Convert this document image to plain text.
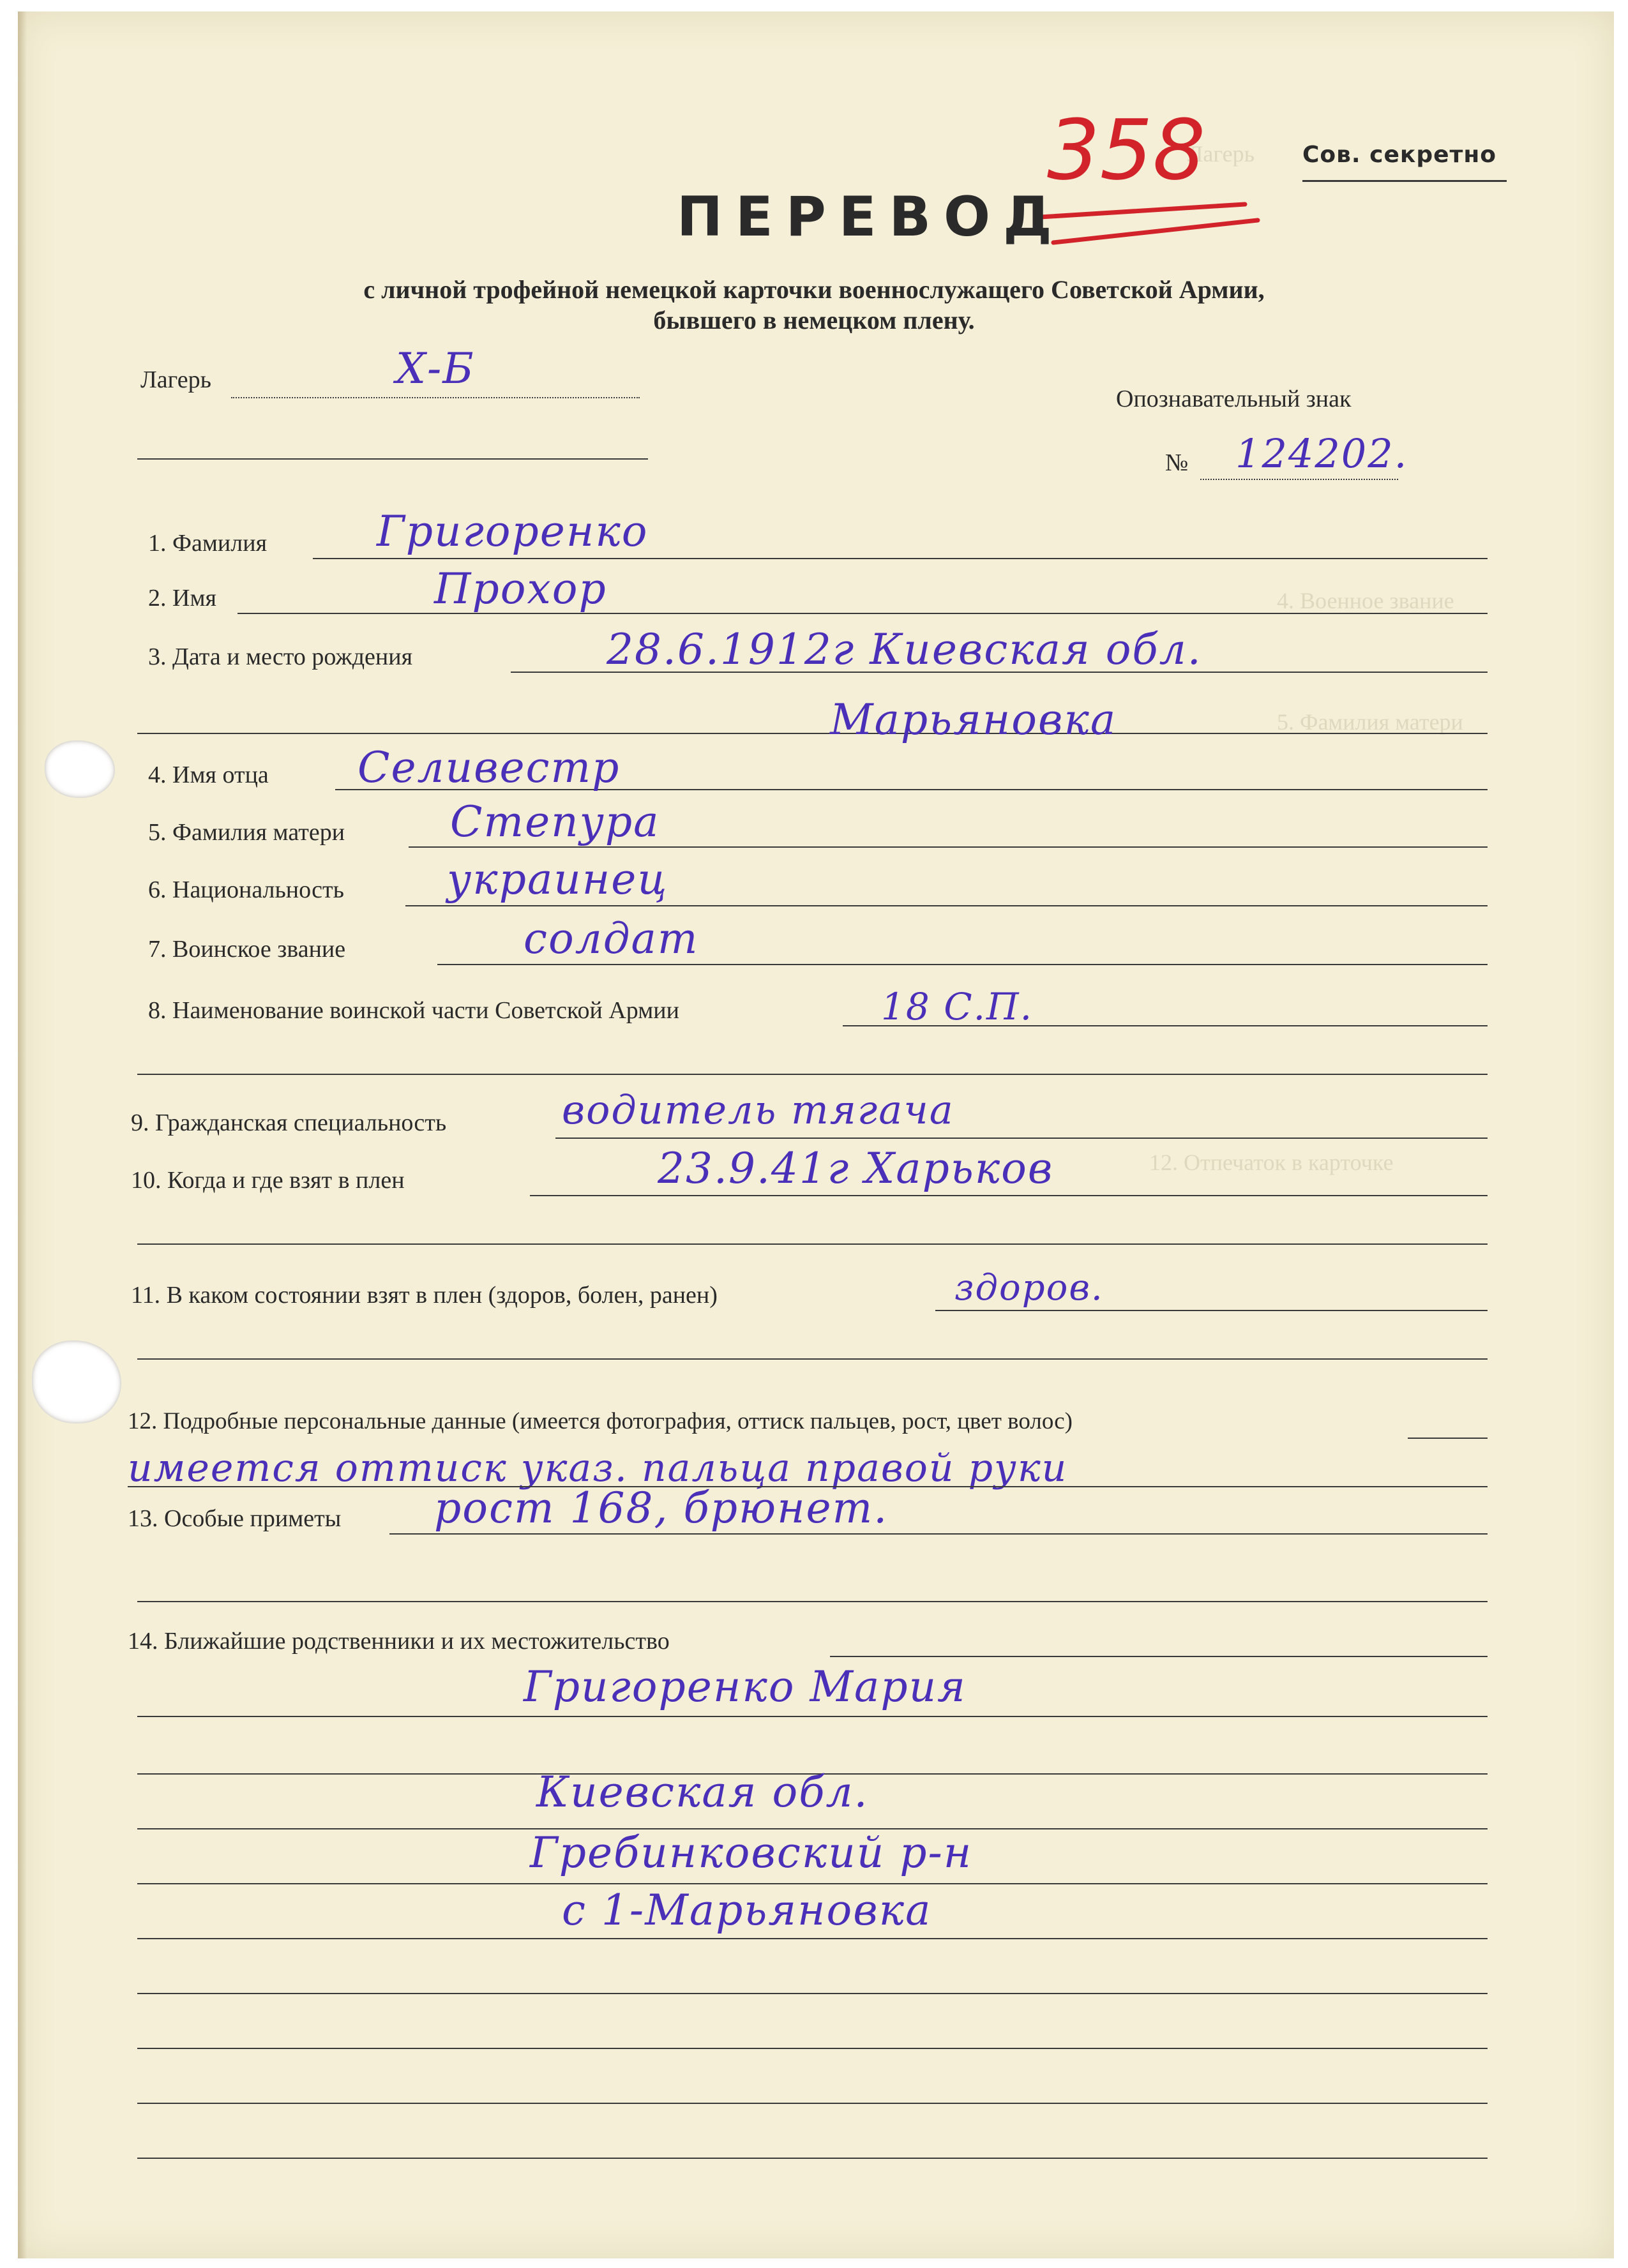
Лагерь
4. Военное звание
5. Фамилия матери
12. Отпечаток в карточке
Сов. секретно
358
ПЕРЕВОД
с личной трофейной немецкой карточки военнослужащего Советской Армии,
бывшего в немецком плену.
Лагерь	Х-Б
Опознавательный знак
№ 124202.
1. Фамилия	Григоренко
2. Имя	Прохор
3. Дата и место рождения	28.6.1912г Киевская обл.
Марьяновка
4. Имя отца Селивестр
5. Фамилия матери Степура
6. Национальность украинец
7. Воинское звание	солдат
8. Наименование воинской части Советской Армии	18 С.П.
9. Гражданская специальность	водитель тягача
10. Когда и где взят в плен	23.9.41г Харьков
11. В каком состоянии взят в плен (здоров, болен, ранен)	здоров.
12. Подробные персональные данные (имеется фотография, оттиск пальцев, рост, цвет волос)
имеется оттиск указ. пальца правой руки
13. Особые приметы рост 168, брюнет.
14. Ближайшие родственники и их местожительство
Григоренко Мария
Киевская обл.
Гребинковский р-н
с 1-Марьяновка
